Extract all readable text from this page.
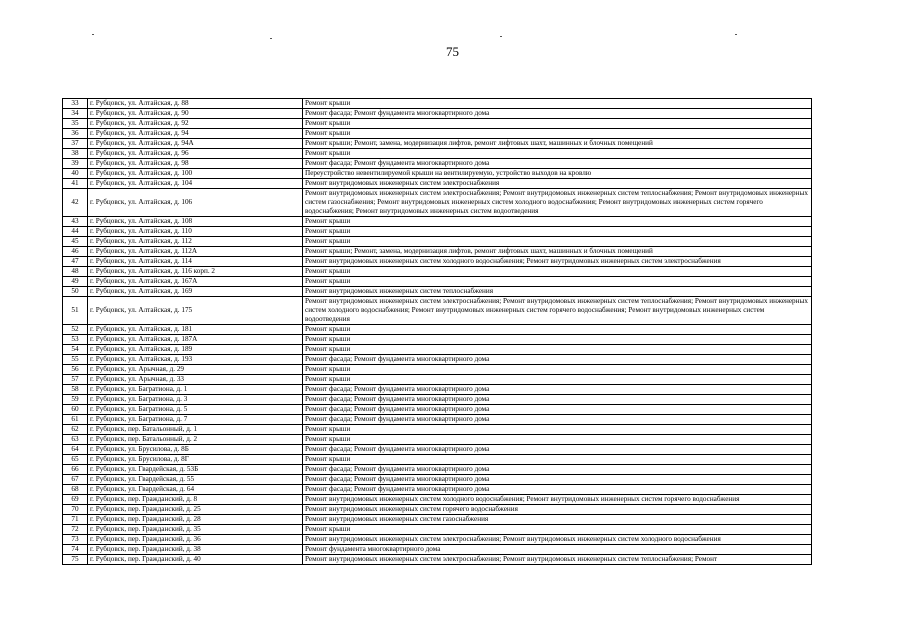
75
33	г. Рубцовск, ул. Алтайская, д. 88	Ремонт крыши
34	г. Рубцовск, ул. Алтайская, д. 90	Ремонт фасада; Ремонт фундамента многоквартирного дома
35	г. Рубцовск, ул. Алтайская, д. 92	Ремонт крыши
36	г. Рубцовск, ул. Алтайская, д. 94	Ремонт крыши
37	г. Рубцовск, ул. Алтайская, д. 94А	Ремонт крыши; Ремонт, замена, модернизация лифтов, ремонт лифтовых шахт, машинных и блочных помещений
38	г. Рубцовск, ул. Алтайская, д. 96	Ремонт крыши
39	г. Рубцовск, ул. Алтайская, д. 98	Ремонт фасада; Ремонт фундамента многоквартирного дома
40	г. Рубцовск, ул. Алтайская, д. 100	Переустройство невентилируемой крыши на вентилируемую, устройство выходов на кровлю
41	г. Рубцовск, ул. Алтайская, д. 104	Ремонт внутридомовых инженерных систем электроснабжения
42	г. Рубцовск, ул. Алтайская, д. 106	Ремонт внутридомовых инженерных систем электроснабжения; Ремонт внутридомовых инженерных систем теплоснабжения; Ремонт внутридомовых инженерных систем газоснабжения; Ремонт внутридомовых инженерных систем холодного водоснабжения; Ремонт внутридомовых инженерных систем горячего водоснабжения; Ремонт внутридомовых инженерных систем водоотведения
43	г. Рубцовск, ул. Алтайская, д. 108	Ремонт крыши
44	г. Рубцовск, ул. Алтайская, д. 110	Ремонт крыши
45	г. Рубцовск, ул. Алтайская, д. 112	Ремонт крыши
46	г. Рубцовск, ул. Алтайская, д. 112А	Ремонт крыши; Ремонт, замена, модернизация лифтов, ремонт лифтовых шахт, машинных и блочных помещений
47	г. Рубцовск, ул. Алтайская, д. 114	Ремонт внутридомовых инженерных систем холодного водоснабжения; Ремонт внутридомовых инженерных систем электроснабжения
48	г. Рубцовск, ул. Алтайская, д. 116 корп. 2	Ремонт крыши
49	г. Рубцовск, ул. Алтайская, д. 167А	Ремонт крыши
50	г. Рубцовск, ул. Алтайская, д. 169	Ремонт внутридомовых инженерных систем теплоснабжения
51	г. Рубцовск, ул. Алтайская, д. 175	Ремонт внутридомовых инженерных систем электроснабжения; Ремонт внутридомовых инженерных систем теплоснабжения; Ремонт внутридомовых инженерных систем холодного водоснабжения; Ремонт внутридомовых инженерных систем горячего водоснабжения; Ремонт внутридомовых инженерных систем водоотведения
52	г. Рубцовск, ул. Алтайская, д. 181	Ремонт крыши
53	г. Рубцовск, ул. Алтайская, д. 187А	Ремонт крыши
54	г. Рубцовск, ул. Алтайская, д. 189	Ремонт крыши
55	г. Рубцовск, ул. Алтайская, д. 193	Ремонт фасада; Ремонт фундамента многоквартирного дома
56	г. Рубцовск, ул. Арычная, д. 29	Ремонт крыши
57	г. Рубцовск, ул. Арычная, д. 33	Ремонт крыши
58	г. Рубцовск, ул. Багратиона, д. 1	Ремонт фасада; Ремонт фундамента многоквартирного дома
59	г. Рубцовск, ул. Багратиона, д. 3	Ремонт фасада; Ремонт фундамента многоквартирного дома
60	г. Рубцовск, ул. Багратиона, д. 5	Ремонт фасада; Ремонт фундамента многоквартирного дома
61	г. Рубцовск, ул. Багратиона, д. 7	Ремонт фасада; Ремонт фундамента многоквартирного дома
62	г. Рубцовск, пер. Батальонный, д. 1	Ремонт крыши
63	г. Рубцовск, пер. Батальонный, д. 2	Ремонт крыши
64	г. Рубцовск, ул. Брусилова, д. 8Б	Ремонт фасада; Ремонт фундамента многоквартирного дома
65	г. Рубцовск, ул. Брусилова, д. 8Г	Ремонт крыши
66	г. Рубцовск, ул. Гвардейская, д. 53Б	Ремонт фасада; Ремонт фундамента многоквартирного дома
67	г. Рубцовск, ул. Гвардейская, д. 55	Ремонт фасада; Ремонт фундамента многоквартирного дома
68	г. Рубцовск, ул. Гвардейская, д. 64	Ремонт фасада; Ремонт фундамента многоквартирного дома
69	г. Рубцовск, пер. Гражданский, д. 8	Ремонт внутридомовых инженерных систем холодного водоснабжения; Ремонт внутридомовых инженерных систем горячего водоснабжения
70	г. Рубцовск, пер. Гражданский, д. 25	Ремонт внутридомовых инженерных систем горячего водоснабжения
71	г. Рубцовск, пер. Гражданский, д. 28	Ремонт внутридомовых инженерных систем газоснабжения
72	г. Рубцовск, пер. Гражданский, д. 35	Ремонт крыши
73	г. Рубцовск, пер. Гражданский, д. 36	Ремонт внутридомовых инженерных систем электроснабжения; Ремонт внутридомовых инженерных систем холодного водоснабжения
74	г. Рубцовск, пер. Гражданский, д. 38	Ремонт фундамента многоквартирного дома
75	г. Рубцовск, пер. Гражданский, д. 40	Ремонт внутридомовых инженерных систем электроснабжения; Ремонт внутридомовых инженерных систем теплоснабжения; Ремонт
